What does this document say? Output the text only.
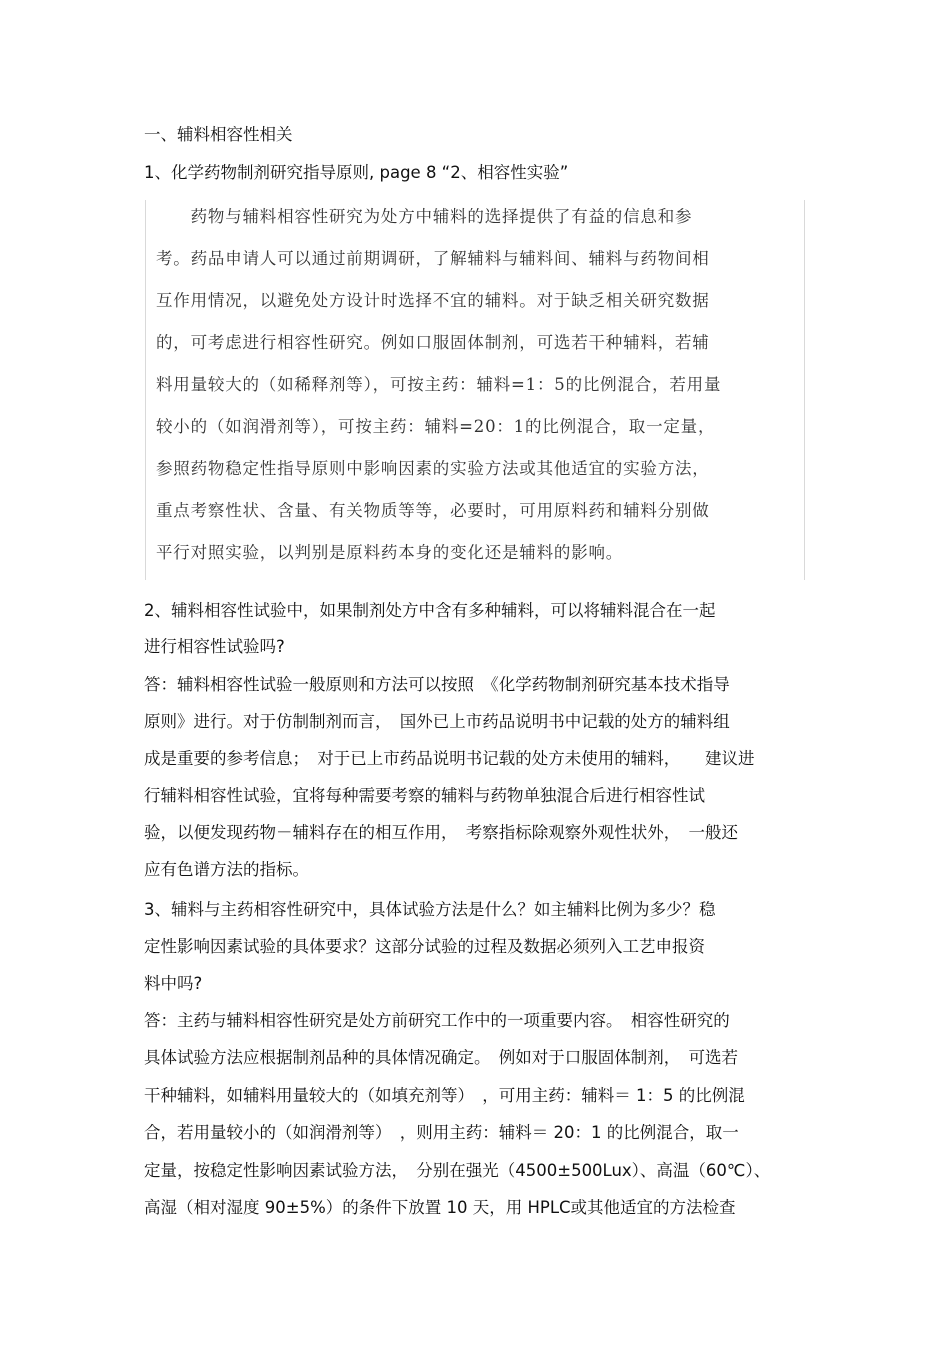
一、辅料相容性相关
1、化学药物制剂研究指导原则, page 8 “2、相容性实验”
　　药物与辅料相容性研究为处方中辅料的选择提供了有益的信息和参
考。药品申请人可以通过前期调研，了解辅料与辅料间、辅料与药物间相
互作用情况，以避免处方设计时选择不宜的辅料。对于缺乏相关研究数据
的，可考虑进行相容性研究。例如口服固体制剂，可选若干种辅料，若辅
料用量较大的（如稀释剂等），可按主药：辅料=1：5的比例混合，若用量
较小的（如润滑剂等），可按主药：辅料=20：1的比例混合，取一定量，
参照药物稳定性指导原则中影响因素的实验方法或其他适宜的实验方法，
重点考察性状、含量、有关物质等等，必要时，可用原料药和辅料分别做
平行对照实验，以判别是原料药本身的变化还是辅料的影响。
2、辅料相容性试验中，如果制剂处方中含有多种辅料，可以将辅料混合在一起
进行相容性试验吗?
答：辅料相容性试验一般原则和方法可以按照　《化学药物制剂研究基本技术指导
原则》进行。对于仿制制剂而言，　国外已上市药品说明书中记载的处方的辅料组
成是重要的参考信息；　对于已上市药品说明书记载的处方未使用的辅料，　　建议进
行辅料相容性试验，宜将每种需要考察的辅料与药物单独混合后进行相容性试
验，以便发现药物－辅料存在的相互作用，　考察指标除观察外观性状外，　一般还
应有色谱方法的指标。
3、辅料与主药相容性研究中，具体试验方法是什么？如主辅料比例为多少？稳
定性影响因素试验的具体要求？这部分试验的过程及数据必须列入工艺申报资
料中吗?
答：主药与辅料相容性研究是处方前研究工作中的一项重要内容。　相容性研究的
具体试验方法应根据制剂品种的具体情况确定。　例如对于口服固体制剂，　可选若
干种辅料，如辅料用量较大的（如填充剂等）　，可用主药：辅料＝ 1：5 的比例混
合，若用量较小的（如润滑剂等）　，则用主药：辅料＝ 20：1 的比例混合，取一
定量，按稳定性影响因素试验方法，　分别在强光（4500±500Lux）、高温（60℃）、
高湿（相对湿度 90±5%）的条件下放置 10 天，用 HPLC或其他适宜的方法检查
